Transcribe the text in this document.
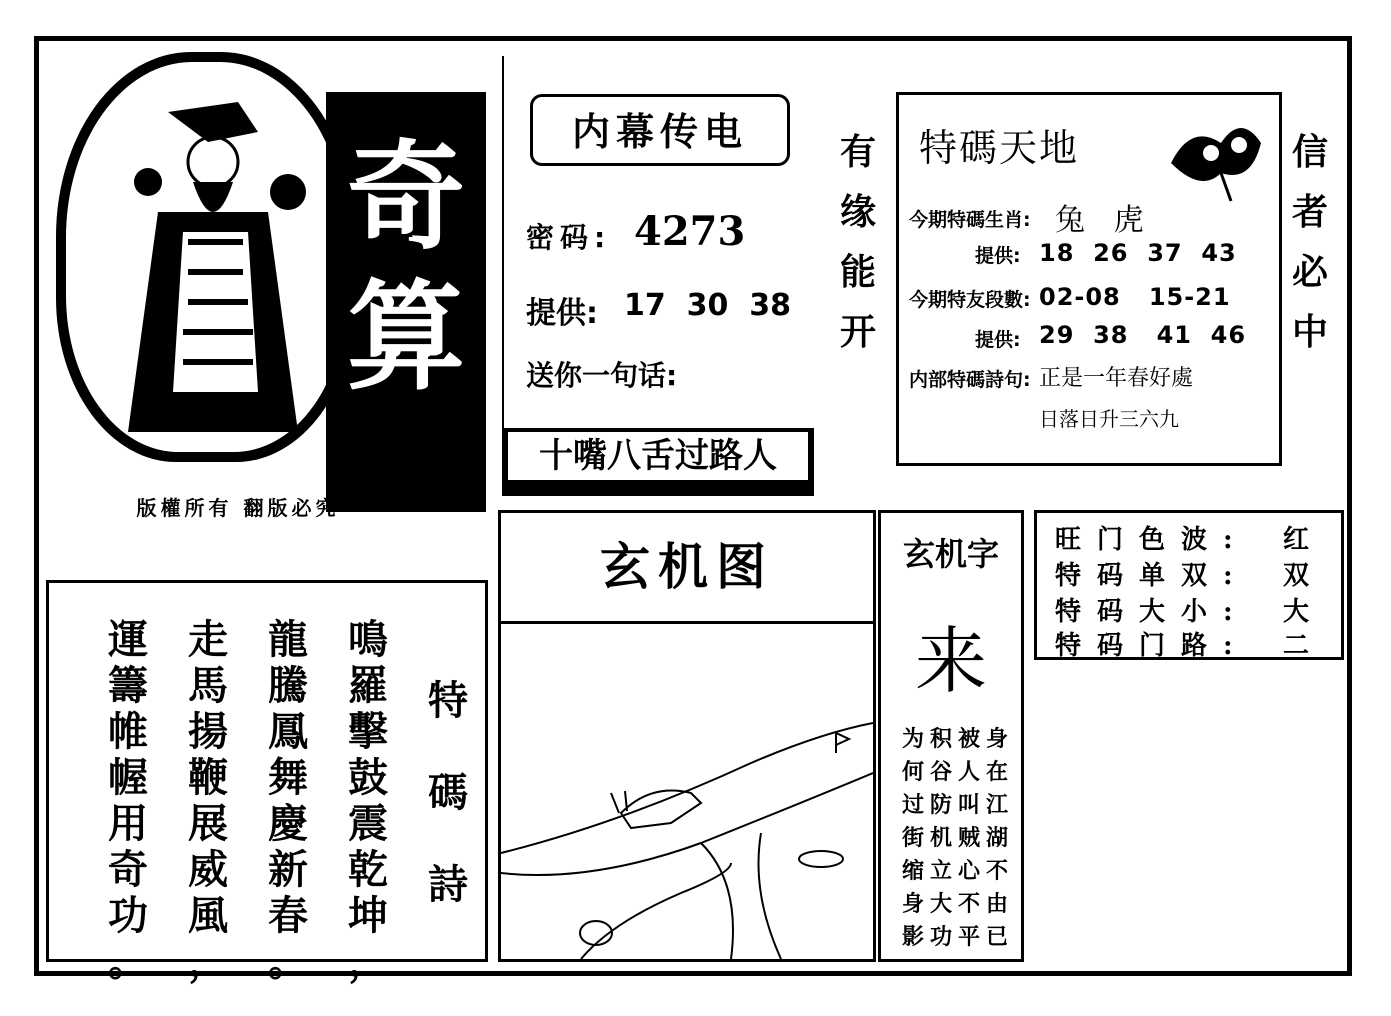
奇
算
版權所有 翻版必究
内幕传电
密码: 4273
提供: 17  30  38
送你一句话:
十嘴八舌过路人
有
缘
能
开
信
者
必
中
特碼天地
今期特碼生肖: 兔   虎
提供: 18  26  37  43
今期特友段數: 02-08   15-21
提供: 29  38   41  46
内部特碼詩句: 正是一年春好處
日落日升三六九
特
碼
詩
鳴
羅
擊
鼓
震
乾
坤
，
龍
騰
鳳
舞
慶
新
春
。
走
馬
揚
鞭
展
威
風
，
運
籌
帷
幄
用
奇
功
。
玄机图	玄机字
来
身
在
江
湖
不
由
已
被
人
叫
贼
心
不
平
积
谷
防
机
立
大
功
为
何
过
街
缩
身
影
旺门色波: 红
特码单双: 双
特码大小: 大
特码门路: 二
